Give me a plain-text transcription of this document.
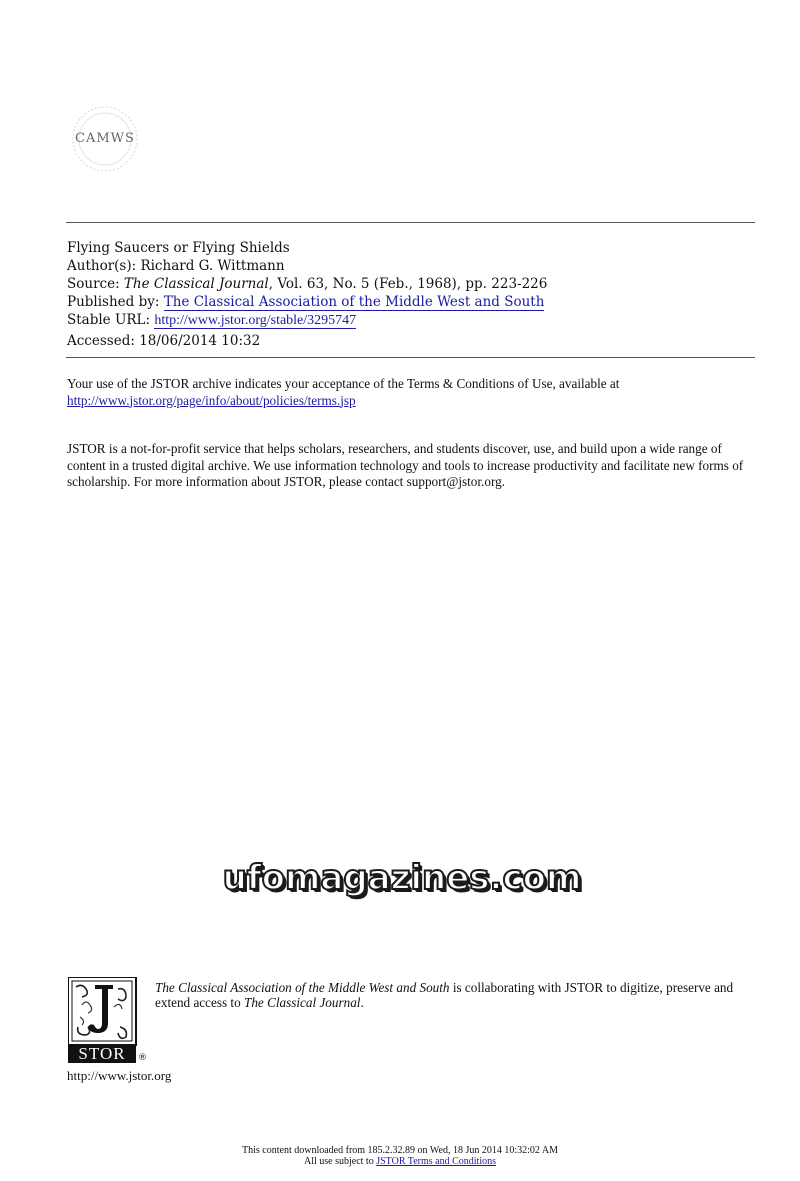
CAMWS
Flying Saucers or Flying Shields
Author(s): Richard G. Wittmann
Source: The Classical Journal, Vol. 63, No. 5 (Feb., 1968), pp. 223-226
Published by: The Classical Association of the Middle West and South
Stable URL: http://www.jstor.org/stable/3295747
Accessed: 18/06/2014 10:32
Your use of the JSTOR archive indicates your acceptance of the Terms & Conditions of Use, available at
http://www.jstor.org/page/info/about/policies/terms.jsp
JSTOR is a not-for-profit service that helps scholars, researchers, and students discover, use, and build upon a wide range of content in a trusted digital archive. We use information technology and tools to increase productivity and facilitate new forms of scholarship. For more information about JSTOR, please contact support@jstor.org.
ufomagazines.com
STOR	®
http://www.jstor.org
The Classical Association of the Middle West and South is collaborating with JSTOR to digitize, preserve and extend access to The Classical Journal.
This content downloaded from 185.2.32.89 on Wed, 18 Jun 2014 10:32:02 AM
All use subject to JSTOR Terms and Conditions
